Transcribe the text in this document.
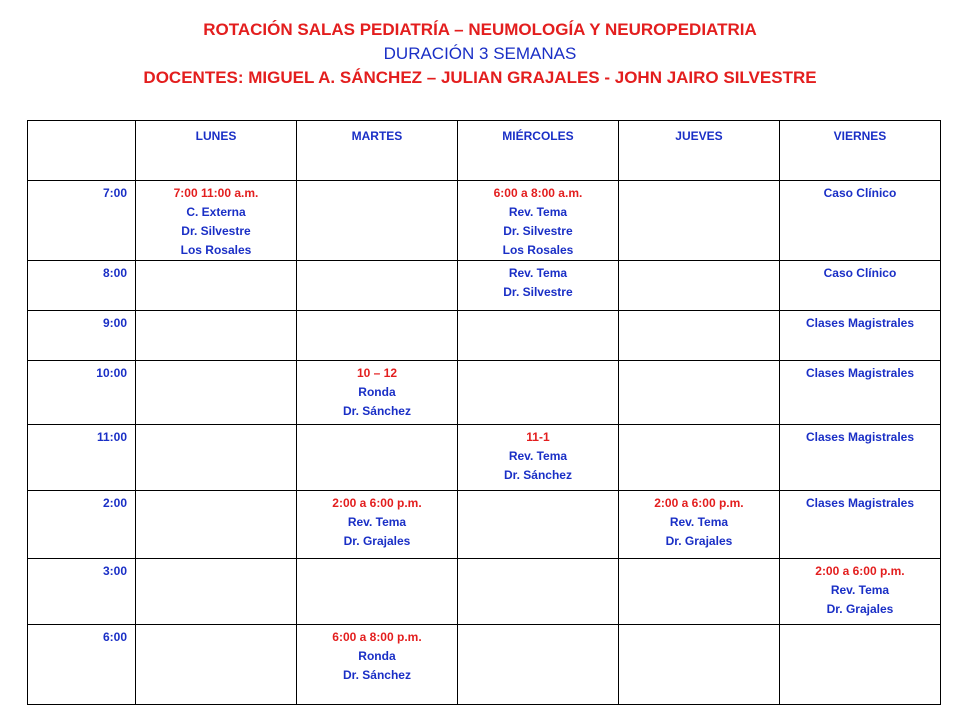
ROTACIÓN SALAS PEDIATRÍA – NEUMOLOGÍA Y NEUROPEDIATRIA
DURACIÓN 3 SEMANAS
DOCENTES: MIGUEL A. SÁNCHEZ – JULIAN GRAJALES - JOHN JAIRO SILVESTRE
	LUNES	MARTES	MIÉRCOLES	JUEVES	VIERNES
7:00	7:00 11:00 a.m.
C. Externa
Dr. Silvestre
Los Rosales		6:00 a 8:00 a.m.
Rev. Tema
Dr. Silvestre
Los Rosales		Caso Clínico

8:00			Rev. Tema
Dr. Silvestre		Caso Clínico

9:00					Clases Magistrales

10:00		10 – 12
Ronda
Dr. Sánchez			Clases Magistrales

11:00			11-1
Rev. Tema
Dr. Sánchez		Clases Magistrales

2:00		2:00 a 6:00 p.m.
Rev. Tema
Dr. Grajales		2:00 a 6:00 p.m.
Rev. Tema
Dr. Grajales	Clases Magistrales

3:00					2:00 a 6:00 p.m.
Rev. Tema
Dr. Grajales

6:00		6:00 a 8:00 p.m.
Ronda
Dr. Sánchez			
